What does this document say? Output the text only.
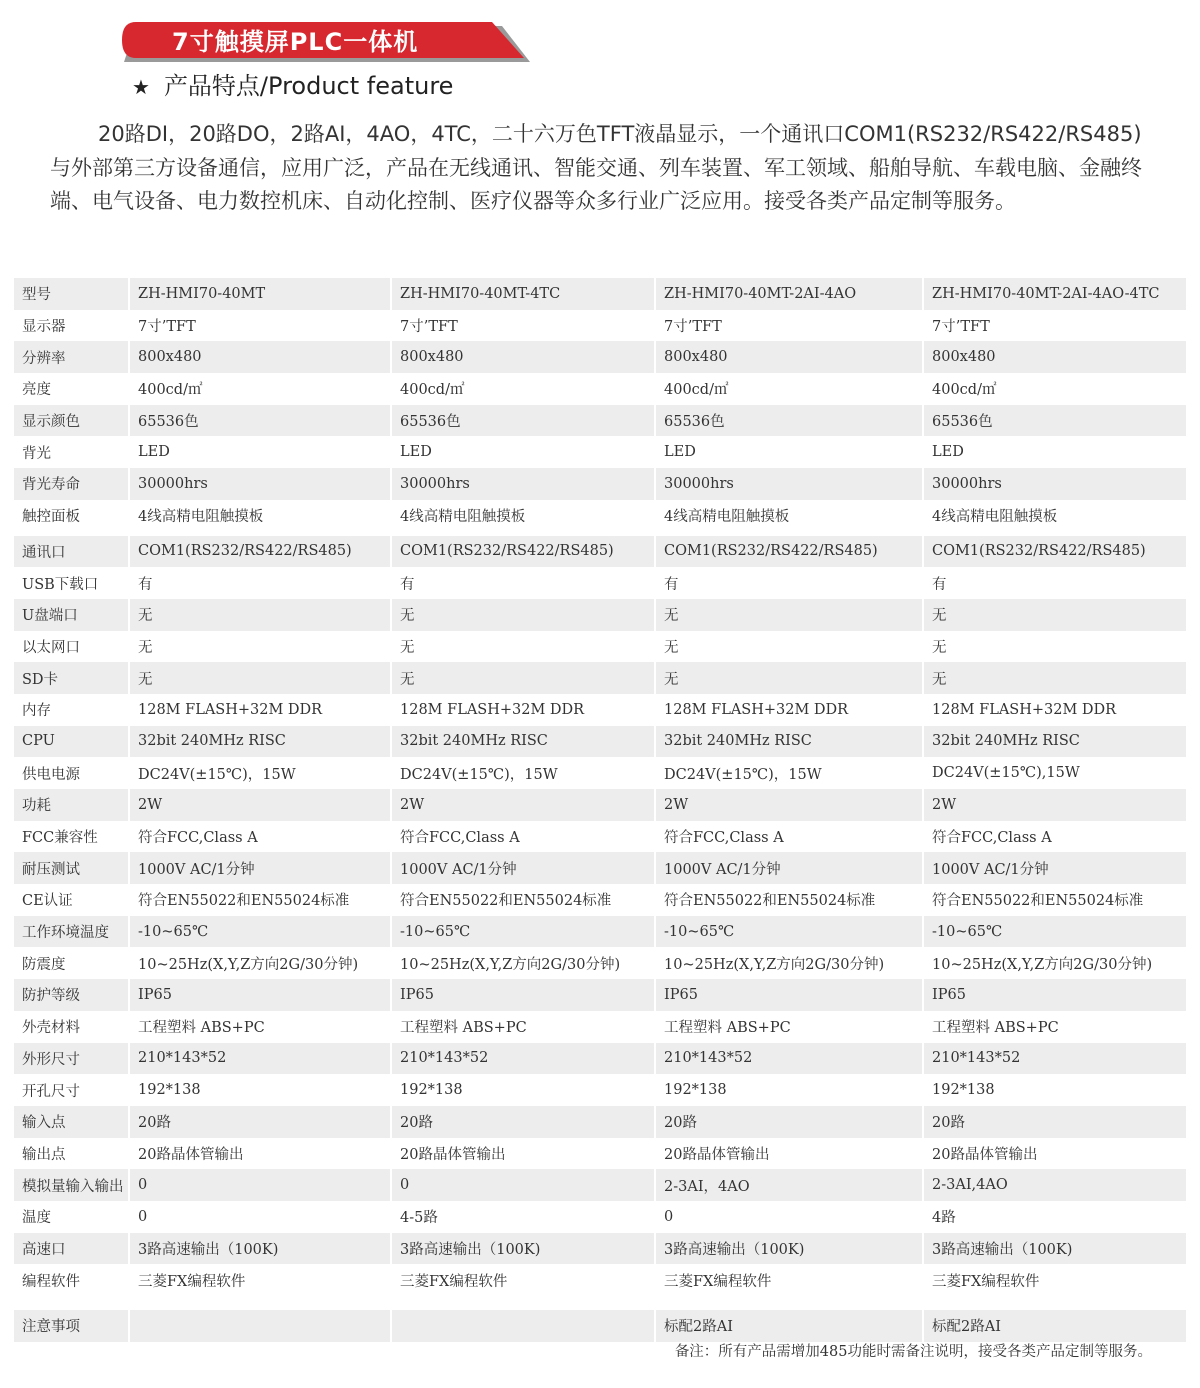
7寸触摸屏PLC一体机
★ 产品特点/Product feature
20路DI，20路DO，2路AI，4AO，4TC，二十六万色TFT液晶显示，一个通讯口COM1(RS232/RS422/RS485)与外部第三方设备通信，应用广泛，产品在无线通讯、智能交通、列车装置、军工领域、船舶导航、车载电脑、金融终端、电气设备、电力数控机床、自动化控制、医疗仪器等众多行业广泛应用。接受各类产品定制等服务。
型号	ZH-HMI70-40MT	ZH-HMI70-40MT-4TC	ZH-HMI70-40MT-2AI-4AO	ZH-HMI70-40MT-2AI-4AO-4TC
显示器	7寸’TFT	7寸’TFT	7寸’TFT	7寸’TFT
分辨率	800x480	800x480	800x480	800x480
亮度	400cd/㎡	400cd/㎡	400cd/㎡	400cd/㎡
显示颜色	65536色	65536色	65536色	65536色
背光	LED	LED	LED	LED
背光寿命	30000hrs	30000hrs	30000hrs	30000hrs
触控面板	4线高精电阻触摸板	4线高精电阻触摸板	4线高精电阻触摸板	4线高精电阻触摸板

通讯口	COM1(RS232/RS422/RS485)	COM1(RS232/RS422/RS485)	COM1(RS232/RS422/RS485)	COM1(RS232/RS422/RS485)
USB下载口	有	有	有	有
U盘端口	无	无	无	无
以太网口	无	无	无	无
SD卡	无	无	无	无
内存	128M FLASH+32M DDR	128M FLASH+32M DDR	128M FLASH+32M DDR	128M FLASH+32M DDR
CPU	32bit 240MHz RISC	32bit 240MHz RISC	32bit 240MHz RISC	32bit 240MHz RISC
供电电源	DC24V(±15℃)，15W	DC24V(±15℃)，15W	DC24V(±15℃)，15W	DC24V(±15℃),15W
功耗	2W	2W	2W	2W
FCC兼容性	符合FCC,Class A	符合FCC,Class A	符合FCC,Class A	符合FCC,Class A
耐压测试	1000V AC/1分钟	1000V AC/1分钟	1000V AC/1分钟	1000V AC/1分钟
CE认证	符合EN55022和EN55024标准	符合EN55022和EN55024标准	符合EN55022和EN55024标准	符合EN55022和EN55024标准
工作环境温度	-10~65℃	-10~65℃	-10~65℃	-10~65℃
防震度	10~25Hz(X,Y,Z方向2G/30分钟)	10~25Hz(X,Y,Z方向2G/30分钟)	10~25Hz(X,Y,Z方向2G/30分钟)	10~25Hz(X,Y,Z方向2G/30分钟)
防护等级	IP65	IP65	IP65	IP65
外壳材料	工程塑料 ABS+PC	工程塑料 ABS+PC	工程塑料 ABS+PC	工程塑料 ABS+PC
外形尺寸	210*143*52	210*143*52	210*143*52	210*143*52
开孔尺寸	192*138	192*138	192*138	192*138
输入点	20路	20路	20路	20路
输出点	20路晶体管输出	20路晶体管输出	20路晶体管输出	20路晶体管输出
模拟量输入输出	0	0	2-3AI，4AO	2-3AI,4AO
温度	0	4-5路	0	4路
高速口	3路高速输出（100K)	3路高速输出（100K)	3路高速输出（100K)	3路高速输出（100K)
编程软件	三菱FX编程软件	三菱FX编程软件	三菱FX编程软件	三菱FX编程软件

注意事项			标配2路AI	标配2路AI
备注：所有产品需增加485功能时需备注说明，接受各类产品定制等服务。
